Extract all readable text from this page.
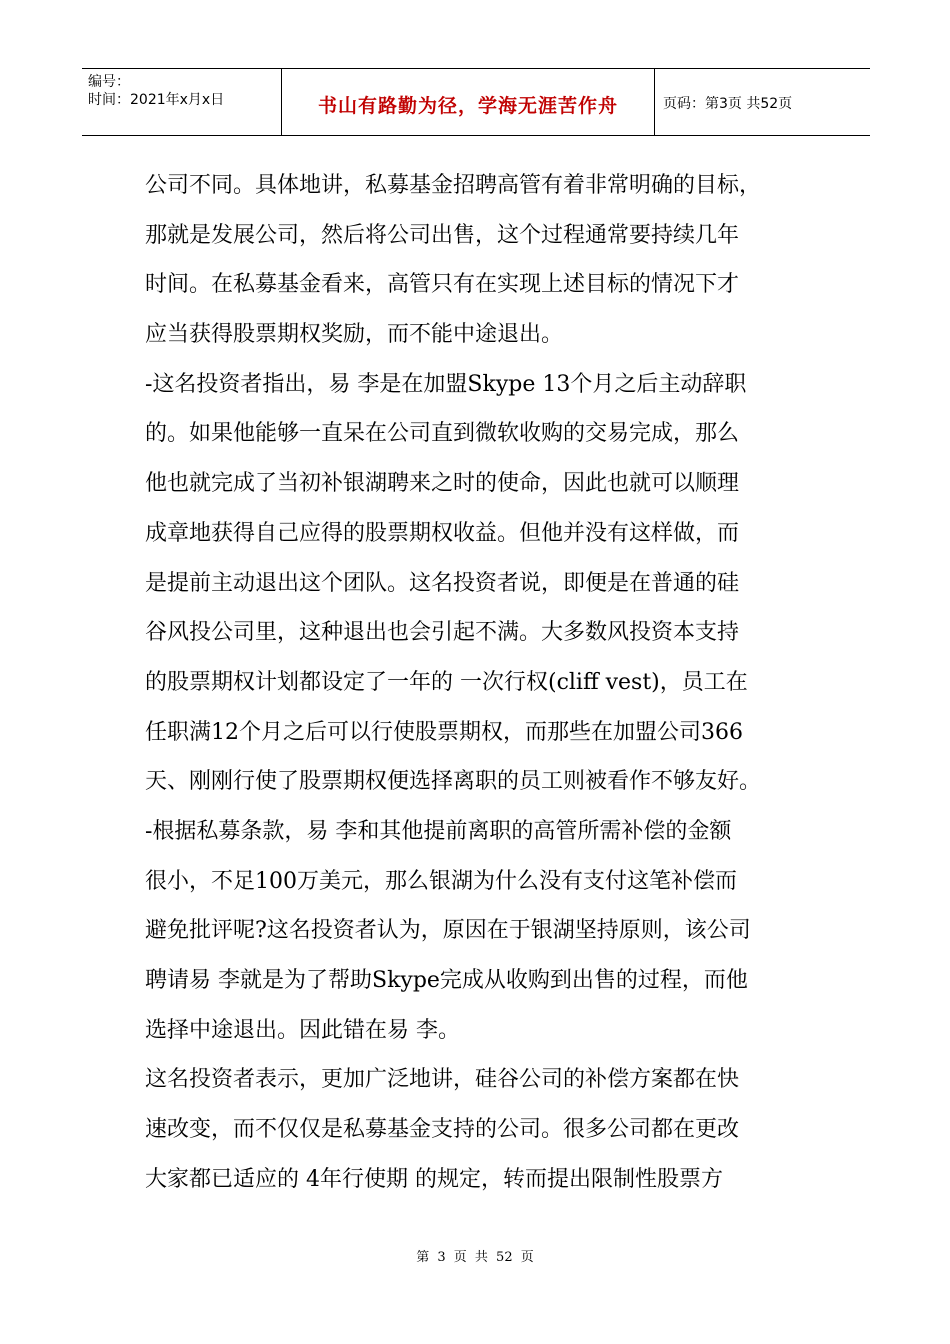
编号：
时间：2021年x月x日	书山有路勤为径，学海无涯苦作舟	页码：第3页 共52页
公司不同。具体地讲，私募基金招聘高管有着非常明确的目标，
那就是发展公司，然后将公司出售，这个过程通常要持续几年
时间。在私募基金看来，高管只有在实现上述目标的情况下才
应当获得股票期权奖励，而不能中途退出。
-这名投资者指出，易 李是在加盟Skype 13个月之后主动辞职
的。如果他能够一直呆在公司直到微软收购的交易完成，那么
他也就完成了当初补银湖聘来之时的使命，因此也就可以顺理
成章地获得自己应得的股票期权收益。但他并没有这样做，而
是提前主动退出这个团队。这名投资者说，即便是在普通的硅
谷风投公司里，这种退出也会引起不满。大多数风投资本支持
的股票期权计划都设定了一年的 一次行权(cliff vest)，员工在
任职满12个月之后可以行使股票期权，而那些在加盟公司366
天、刚刚行使了股票期权便选择离职的员工则被看作不够友好。
-根据私募条款，易 李和其他提前离职的高管所需补偿的金额
很小，不足100万美元，那么银湖为什么没有支付这笔补偿而
避免批评呢?这名投资者认为，原因在于银湖坚持原则，该公司
聘请易 李就是为了帮助Skype完成从收购到出售的过程，而他
选择中途退出。因此错在易 李。
这名投资者表示，更加广泛地讲，硅谷公司的补偿方案都在快
速改变，而不仅仅是私募基金支持的公司。很多公司都在更改
大家都已适应的 4年行使期 的规定，转而提出限制性股票方
第 3 页 共 52 页
